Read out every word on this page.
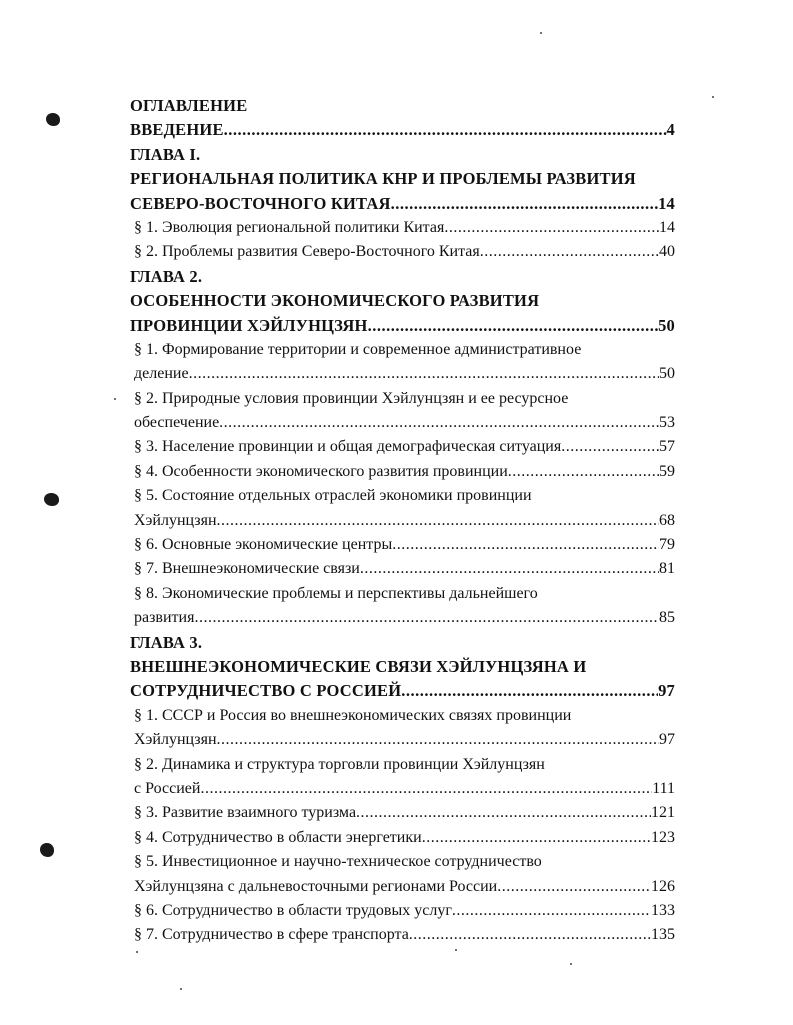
ОГЛАВЛЕНИЕ
ВВЕДЕНИЕ .....	4
ГЛАВА I.
РЕГИОНАЛЬНАЯ ПОЛИТИКА КНР И ПРОБЛЕМЫ РАЗВИТИЯ
СЕВЕРО-ВОСТОЧНОГО КИТАЯ .....	14
§ 1. Эволюция региональной политики Китая .....	14
§ 2. Проблемы развития Северо-Восточного Китая .....	40
ГЛАВА 2.
ОСОБЕННОСТИ ЭКОНОМИЧЕСКОГО РАЗВИТИЯ
ПРОВИНЦИИ ХЭЙЛУНЦЗЯН .....	50
§ 1. Формирование территории и современное административное
деление .....	50
§ 2. Природные условия провинции Хэйлунцзян и ее ресурсное
обеспечение .....	53
§ 3. Население провинции и общая демографическая ситуация .....	57
§ 4. Особенности экономического развития провинции .....	59
§ 5. Состояние отдельных отраслей экономики провинции
Хэйлунцзян .....	68
§ 6. Основные экономические центры .....	79
§ 7. Внешнеэкономические связи .....	81
§ 8. Экономические проблемы и перспективы дальнейшего
развития .....	85
ГЛАВА 3.
ВНЕШНЕЭКОНОМИЧЕСКИЕ СВЯЗИ ХЭЙЛУНЦЗЯНА И
СОТРУДНИЧЕСТВО С РОССИЕЙ .....	97
§ 1. СССР и Россия во внешнеэкономических связях провинции
Хэйлунцзян .....	97
§ 2. Динамика и структура торговли провинции Хэйлунцзян
с Россией .....	111
§ 3. Развитие взаимного туризма .....	121
§ 4. Сотрудничество в области энергетики .....	123
§ 5. Инвестиционное и научно-техническое сотрудничество
Хэйлунцзяна с дальневосточными регионами России .....	126
§ 6. Сотрудничество в области трудовых услуг .....	133
§ 7. Сотрудничество в сфере транспорта .....	135
